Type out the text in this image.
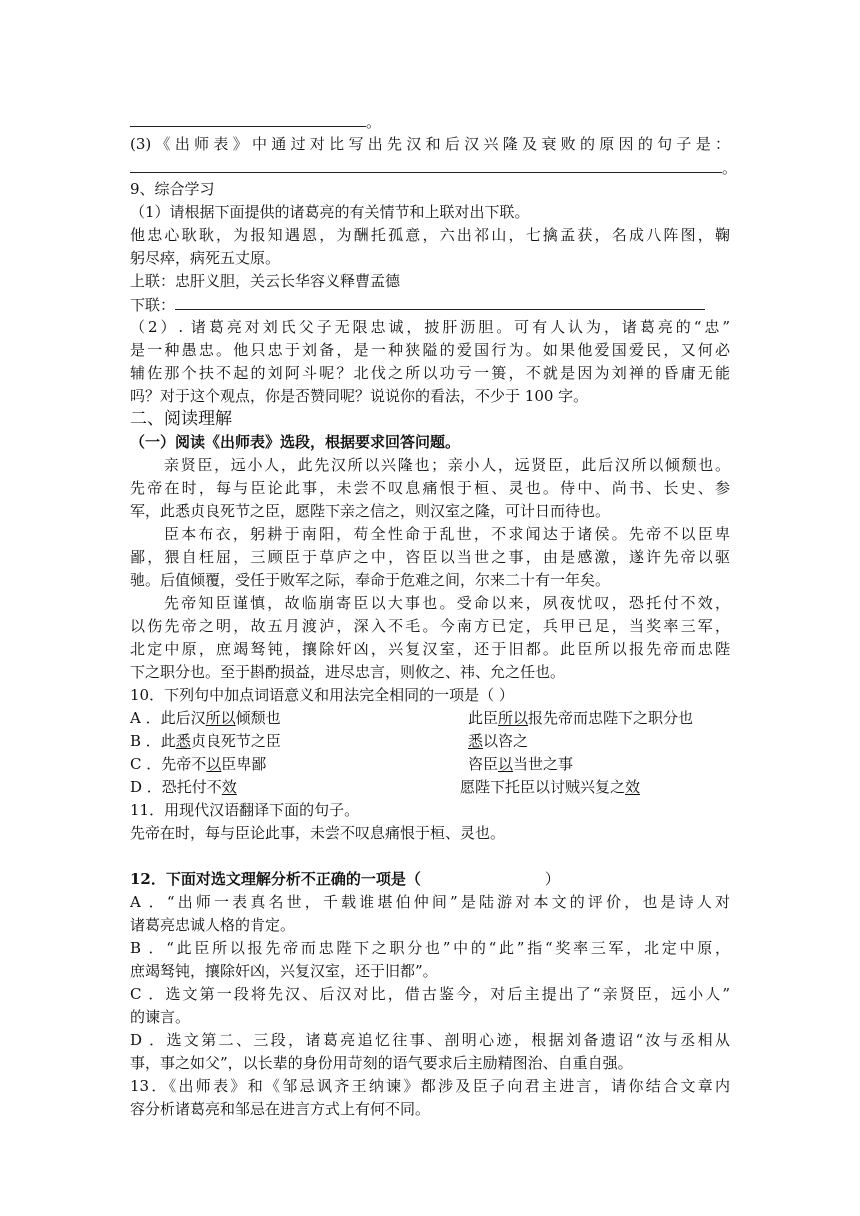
。
(3)《出师表》中通过对比写出先汉和后汉兴隆及衰败的原因的句子是：
。
9、综合学习
（1）请根据下面提供的诸葛亮的有关情节和上联对出下联。
他忠心耿耿，为报知遇恩，为酬托孤意，六出祁山，七擒孟获，名成八阵图，鞠
躬尽瘁，病死五丈原。
上联：忠肝义胆，关云长华容义释曹孟德
下联：
（2）. 诸葛亮对刘氏父子无限忠诚，披肝沥胆。可有人认为，诸葛亮的“忠”
是一种愚忠。他只忠于刘备，是一种狭隘的爱国行为。如果他爱国爱民，又何必
辅佐那个扶不起的刘阿斗呢？北伐之所以功亏一篑，不就是因为刘禅的昏庸无能
吗？对于这个观点，你是否赞同呢？说说你的看法，不少于 100 字。
二、阅读理解
（一）阅读《出师表》选段，根据要求回答问题。
亲贤臣，远小人，此先汉所以兴隆也；亲小人，远贤臣，此后汉所以倾颓也。
先帝在时，每与臣论此事，未尝不叹息痛恨于桓、灵也。侍中、尚书、长史、参
军，此悉贞良死节之臣，愿陛下亲之信之，则汉室之隆，可计日而待也。
臣本布衣，躬耕于南阳，苟全性命于乱世，不求闻达于诸侯。先帝不以臣卑
鄙，猥自枉屈，三顾臣于草庐之中，咨臣以当世之事，由是感激，遂许先帝以驱
驰。后值倾覆，受任于败军之际，奉命于危难之间，尔来二十有一年矣。
先帝知臣谨慎，故临崩寄臣以大事也。受命以来，夙夜忧叹，恐托付不效，
以伤先帝之明，故五月渡泸，深入不毛。今南方已定，兵甲已足，当奖率三军，
北定中原，庶竭驽钝，攘除奸凶，兴复汉室，还于旧都。此臣所以报先帝而忠陛
下之职分也。至于斟酌损益，进尽忠言，则攸之、祎、允之任也。
10．下列句中加点词语意义和用法完全相同的一项是（ ）
A ．此后汉所以倾颓也	此臣所以报先帝而忠陛下之职分也
B ．此悉贞良死节之臣	悉以咨之
C ．先帝不以臣卑鄙	咨臣以当世之事
D ．恐托付不效	愿陛下托臣以讨贼兴复之效
11．用现代汉语翻译下面的句子。
先帝在时，每与臣论此事，未尝不叹息痛恨于桓、灵也。
12．下面对选文理解分析不正确的一项是（	）
A ．“出师一表真名世，千载谁堪伯仲间”是陆游对本文的评价，也是诗人对
诸葛亮忠诚人格的肯定。
B ．“此臣所以报先帝而忠陛下之职分也”中的“此”指“奖率三军，北定中原，
庶竭驽钝，攘除奸凶，兴复汉室，还于旧都”。
C ．选文第一段将先汉、后汉对比，借古鉴今，对后主提出了“亲贤臣，远小人”
的谏言。
D ．选文第二、三段，诸葛亮追忆往事、剖明心迹，根据刘备遗诏“汝与丞相从
事，事之如父”，以长辈的身份用苛刻的语气要求后主励精图治、自重自强。
13．《出师表》和《邹忌讽齐王纳谏》都涉及臣子向君主进言，请你结合文章内
容分析诸葛亮和邹忌在进言方式上有何不同。
